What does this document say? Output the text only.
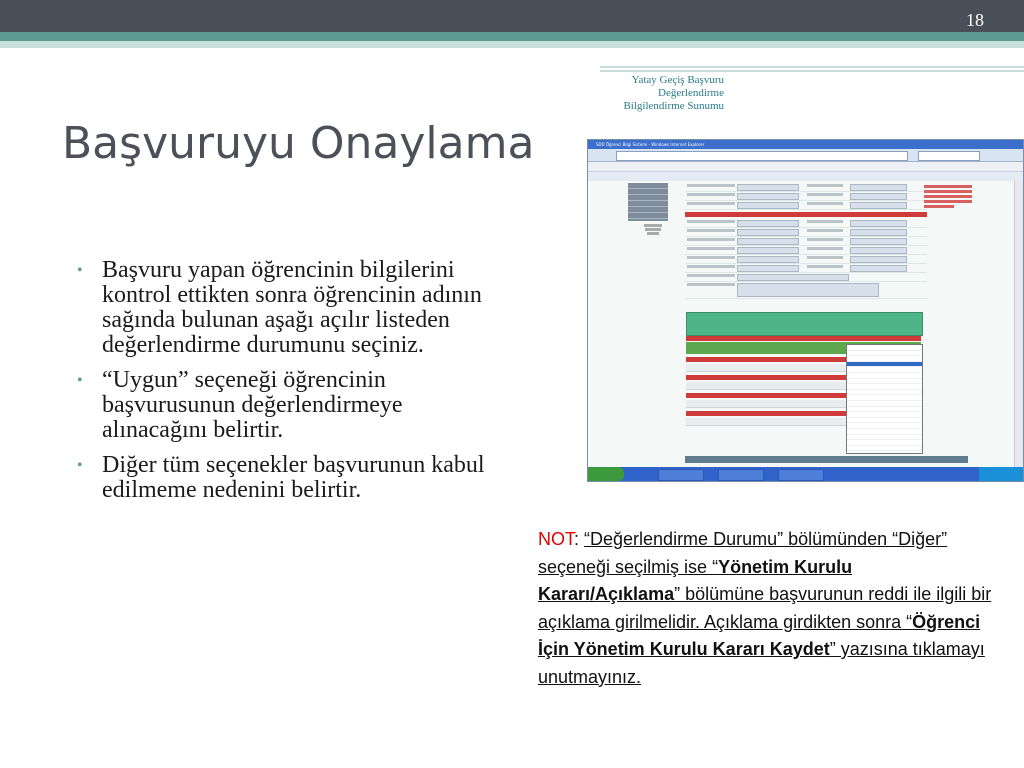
18
Yatay Geçiş Başvuru
Değerlendirme
Bilgilendirme Sunumu
Başvuruyu Onaylama
• Başvuru yapan öğrencinin bilgilerini kontrol ettikten sonra öğrencinin adının sağında bulunan aşağı açılır listeden değerlendirme durumunu seçiniz.
• “Uygun” seçeneği öğrencinin başvurusunun değerlendirmeye alınacağını belirtir.
• Diğer tüm seçenekler başvurunun kabul edilmeme nedenini belirtir.
SDÜ Öğrenci Bilgi Sistemi - Windows Internet Explorer
NOT: “Değerlendirme Durumu” bölümünden “Diğer” seçeneği seçilmiş ise “Yönetim Kurulu Kararı/Açıklama” bölümüne başvurunun reddi ile ilgili bir açıklama girilmelidir. Açıklama girdikten sonra “Öğrenci İçin Yönetim Kurulu Kararı Kaydet” yazısına tıklamayı unutmayınız.
